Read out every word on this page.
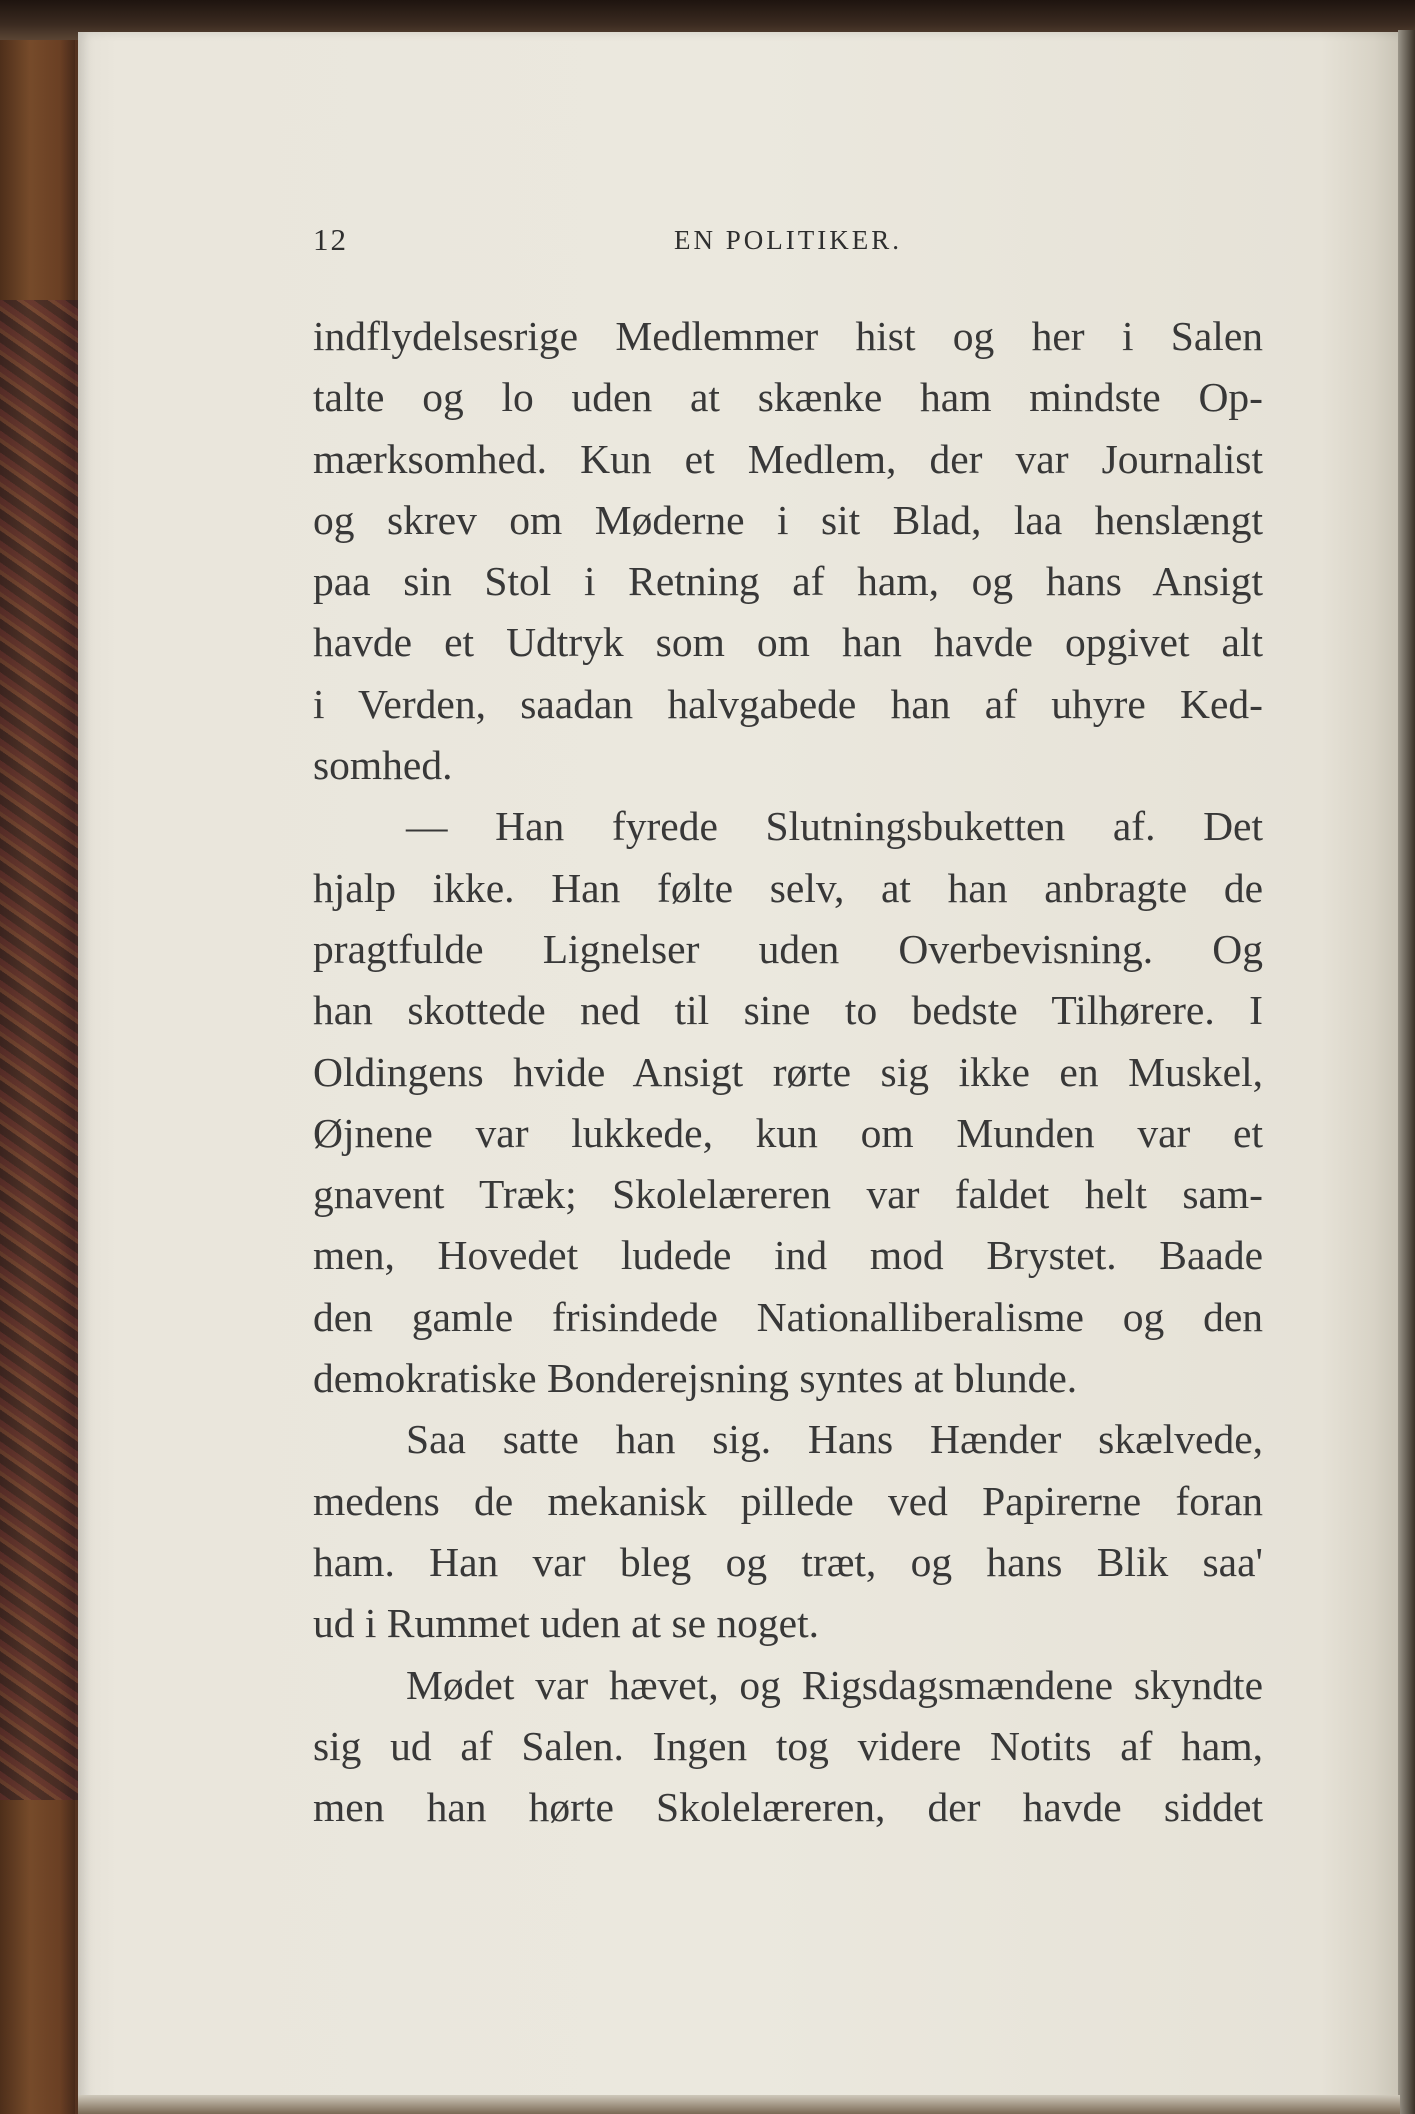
12	EN POLITIKER.
indflydelsesrige Medlemmer hist og her i Salen
talte og lo uden at skænke ham mindste Op-
mærksomhed. Kun et Medlem, der var Journalist
og skrev om Møderne i sit Blad, laa henslængt
paa sin Stol i Retning af ham, og hans Ansigt
havde et Udtryk som om han havde opgivet alt
i Verden, saadan halvgabede han af uhyre Ked-
somhed.
— Han fyrede Slutningsbuketten af. Det
hjalp ikke. Han følte selv, at han anbragte de
pragtfulde Lignelser uden Overbevisning. Og
han skottede ned til sine to bedste Tilhørere. I
Oldingens hvide Ansigt rørte sig ikke en Muskel,
Øjnene var lukkede, kun om Munden var et
gnavent Træk; Skolelæreren var faldet helt sam-
men, Hovedet ludede ind mod Brystet. Baade
den gamle frisindede Nationalliberalisme og den
demokratiske Bonderejsning syntes at blunde.
Saa satte han sig. Hans Hænder skælvede,
medens de mekanisk pillede ved Papirerne foran
ham. Han var bleg og træt, og hans Blik saa'
ud i Rummet uden at se noget.
Mødet var hævet, og Rigsdagsmændene skyndte
sig ud af Salen. Ingen tog videre Notits af ham,
men han hørte Skolelæreren, der havde siddet
